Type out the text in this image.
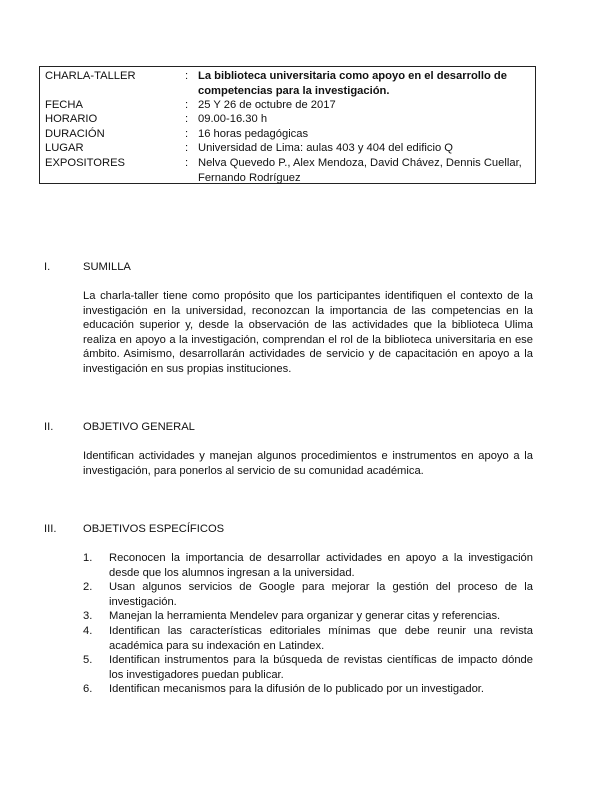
CHARLA-TALLER	: La biblioteca universitaria como apoyo en el desarrollo de competencias para la investigación.
FECHA	: 25 Y 26 de octubre de 2017
HORARIO	: 09.00-16.30 h
DURACIÓN	: 16 horas pedagógicas
LUGAR	: Universidad de Lima: aulas 403 y 404 del edificio Q
EXPOSITORES	: Nelva Quevedo P., Alex Mendoza, David Chávez, Dennis Cuellar, Fernando Rodríguez
I.	SUMILLA

La charla-taller tiene como propósito que los participantes identifiquen el contexto de la investigación en la universidad, reconozcan la importancia de las competencias en la educación superior y, desde la observación de las actividades que la biblioteca Ulima realiza en apoyo a la investigación, comprendan el rol de la biblioteca universitaria en ese ámbito. Asimismo, desarrollarán actividades de servicio y de capacitación en apoyo a la investigación en sus propias instituciones.

II.	OBJETIVO GENERAL

Identifican actividades y manejan algunos procedimientos e instrumentos en apoyo a la investigación, para ponerlos al servicio de su comunidad académica.

III. OBJETIVOS ESPECÍFICOS
1. Reconocen la importancia de desarrollar actividades en apoyo a la investigación desde que los alumnos ingresan a la universidad.
2. Usan algunos servicios de Google para mejorar la gestión del proceso de la investigación.
3. Manejan la herramienta Mendelev para organizar y generar citas y referencias.
4. Identifican las características editoriales mínimas que debe reunir una revista académica para su indexación en Latindex.
5. Identifican instrumentos para la búsqueda de revistas científicas de impacto dónde los investigadores puedan publicar.
6. Identifican mecanismos para la difusión de lo publicado por un investigador.
